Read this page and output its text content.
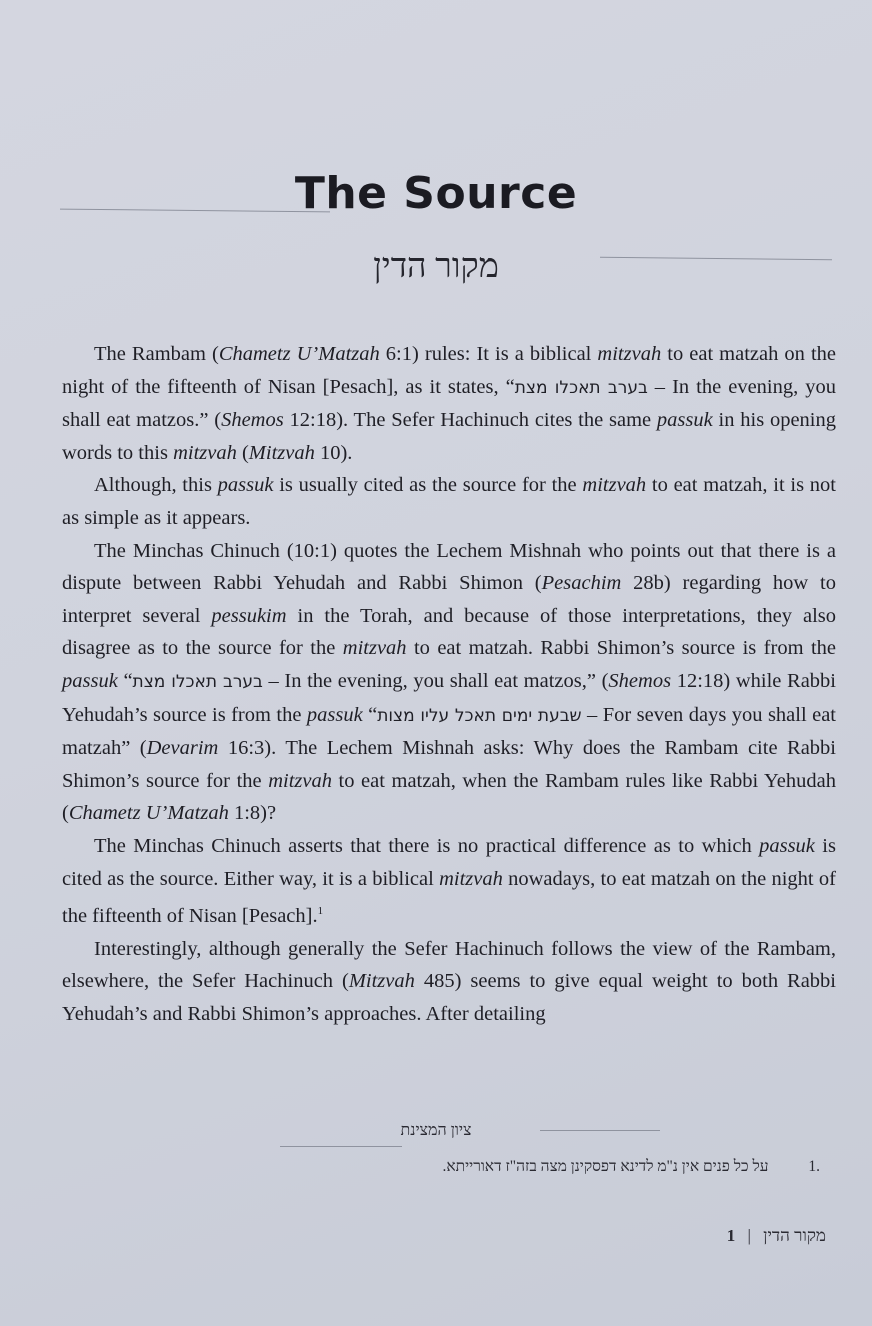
The Source
מקור הדין

The Rambam (Chametz U’Matzah 6:1) rules: It is a biblical mitzvah to eat matzah on the night of the fifteenth of Nisan [Pesach], as it states, “בערב תאכלו מצת – In the evening, you shall eat matzos.” (Shemos 12:18). The Sefer Hachinuch cites the same passuk in his opening words to this mitzvah (Mitzvah 10).

Although, this passuk is usually cited as the source for the mitzvah to eat matzah, it is not as simple as it appears.

The Minchas Chinuch (10:1) quotes the Lechem Mishnah who points out that there is a dispute between Rabbi Yehudah and Rabbi Shimon (Pesachim 28b) regarding how to interpret several pessukim in the Torah, and because of those interpretations, they also disagree as to the source for the mitzvah to eat matzah. Rabbi Shimon’s source is from the passuk “בערב תאכלו מצת – In the evening, you shall eat matzos,” (Shemos 12:18) while Rabbi Yehudah’s source is from the passuk “שבעת ימים תאכל עליו מצות – For seven days you shall eat matzah” (Devarim 16:3). The Lechem Mishnah asks: Why does the Rambam cite Rabbi Shimon’s source for the mitzvah to eat matzah, when the Rambam rules like Rabbi Yehudah (Chametz U’Matzah 1:8)?

The Minchas Chinuch asserts that there is no practical difference as to which passuk is cited as the source. Either way, it is a biblical mitzvah nowadays, to eat matzah on the night of the fifteenth of Nisan [Pesach].$^1$

Interestingly, although generally the Sefer Hachinuch follows the view of the Rambam, elsewhere, the Sefer Hachinuch (Mitzvah 485) seems to give equal weight to both Rabbi Yehudah’s and Rabbi Shimon’s approaches. After detailing

ציון המצינת
.1 על כל פנים אין נ"מ לדינא דפסקינן מצה בזה"ז דאורייתא.
מקור הדין | 1
